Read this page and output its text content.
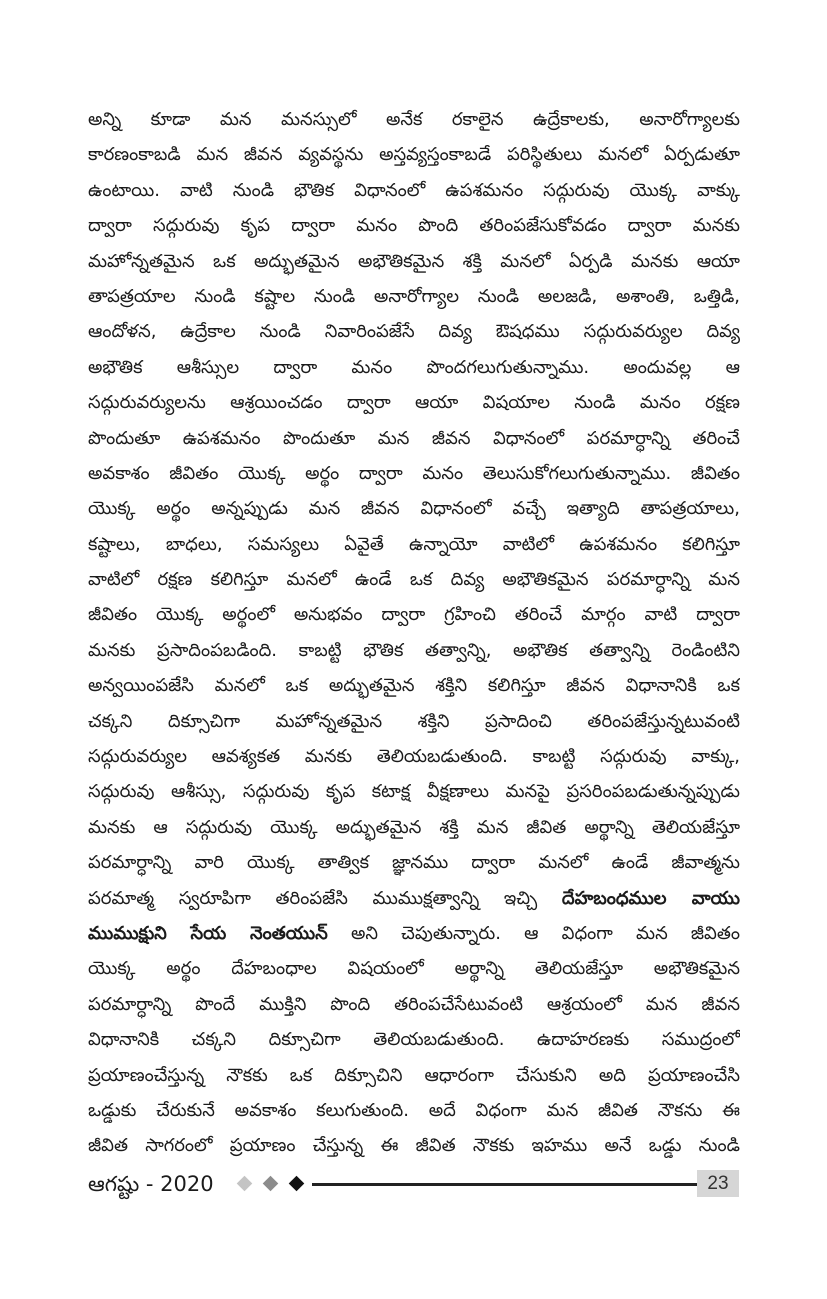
అన్ని కూడా మన మనస్సులో అనేక రకాలైన ఉద్రేకాలకు, అనారోగ్యాలకు
కారణంకాబడి మన జీవన వ్యవస్థను అస్తవ్యస్తంకాబడే పరిస్థితులు మనలో ఏర్పడుతూ
ఉంటాయి. వాటి నుండి భౌతిక విధానంలో ఉపశమనం సద్గురువు యొక్క వాక్కు
ద్వారా సద్గురువు కృప ద్వారా మనం పొంది తరింపజేసుకోవడం ద్వారా మనకు
మహోన్నతమైన ఒక అద్భుతమైన అభౌతికమైన శక్తి మనలో ఏర్పడి మనకు ఆయా
తాపత్రయాల నుండి కష్టాల నుండి అనారోగ్యాల నుండి అలజడి, అశాంతి, ఒత్తిడి,
ఆందోళన, ఉద్రేకాల నుండి నివారింపజేసే దివ్య ఔషధము సద్గురువర్యుల దివ్య
అభౌతిక ఆశీస్సుల ద్వారా మనం పొందగలుగుతున్నాము. అందువల్ల ఆ
సద్గురువర్యులను ఆశ్రయించడం ద్వారా ఆయా విషయాల నుండి మనం రక్షణ
పొందుతూ ఉపశమనం పొందుతూ మన జీవన విధానంలో పరమార్ధాన్ని తరించే
అవకాశం జీవితం యొక్క అర్థం ద్వారా మనం తెలుసుకోగలుగుతున్నాము. జీవితం
యొక్క అర్థం అన్నప్పుడు మన జీవన విధానంలో వచ్చే ఇత్యాది తాపత్రయాలు,
కష్టాలు, బాధలు, సమస్యలు ఏవైతే ఉన్నాయో వాటిలో ఉపశమనం కలిగిస్తూ
వాటిలో రక్షణ కలిగిస్తూ మనలో ఉండే ఒక దివ్య అభౌతికమైన పరమార్ధాన్ని మన
జీవితం యొక్క అర్థంలో అనుభవం ద్వారా గ్రహించి తరించే మార్గం వాటి ద్వారా
మనకు ప్రసాదింపబడింది. కాబట్టి భౌతిక తత్వాన్ని, అభౌతిక తత్వాన్ని రెండింటిని
అన్వయింపజేసి మనలో ఒక అద్భుతమైన శక్తిని కలిగిస్తూ జీవన విధానానికి ఒక
చక్కని దిక్సూచిగా మహోన్నతమైన శక్తిని ప్రసాదించి తరింపజేస్తున్నటువంటి
సద్గురువర్యుల ఆవశ్యకత మనకు తెలియబడుతుంది. కాబట్టి సద్గురువు వాక్కు,
సద్గురువు ఆశీస్సు, సద్గురువు కృప కటాక్ష వీక్షణాలు మనపై ప్రసరింపబడుతున్నప్పుడు
మనకు ఆ సద్గురువు యొక్క అద్భుతమైన శక్తి మన జీవిత అర్థాన్ని తెలియజేస్తూ
పరమార్ధాన్ని వారి యొక్క తాత్విక జ్ఞానము ద్వారా మనలో ఉండే జీవాత్మను
పరమాత్మ స్వరూపిగా తరింపజేసి ముముక్షత్వాన్ని ఇచ్చి దేహబంధముల వాయు
ముముక్షుని సేయ నెంతయున్ అని చెపుతున్నారు. ఆ విధంగా మన జీవితం
యొక్క అర్థం దేహబంధాల విషయంలో అర్థాన్ని తెలియజేస్తూ అభౌతికమైన
పరమార్ధాన్ని పొందే ముక్తిని పొంది తరింపచేసేటువంటి ఆశ్రయంలో మన జీవన
విధానానికి చక్కని దిక్సూచిగా తెలియబడుతుంది. ఉదాహరణకు సముద్రంలో
ప్రయాణంచేస్తున్న నౌకకు ఒక దిక్సూచిని ఆధారంగా చేసుకుని అది ప్రయాణంచేసి
ఒడ్డుకు చేరుకునే అవకాశం కలుగుతుంది. అదే విధంగా మన జీవిత నౌకను ఈ
జీవిత సాగరంలో ప్రయాణం చేస్తున్న ఈ జీవిత నౌకకు ఇహము అనే ఒడ్డు నుండి
ఆగష్టు - 2020	23
